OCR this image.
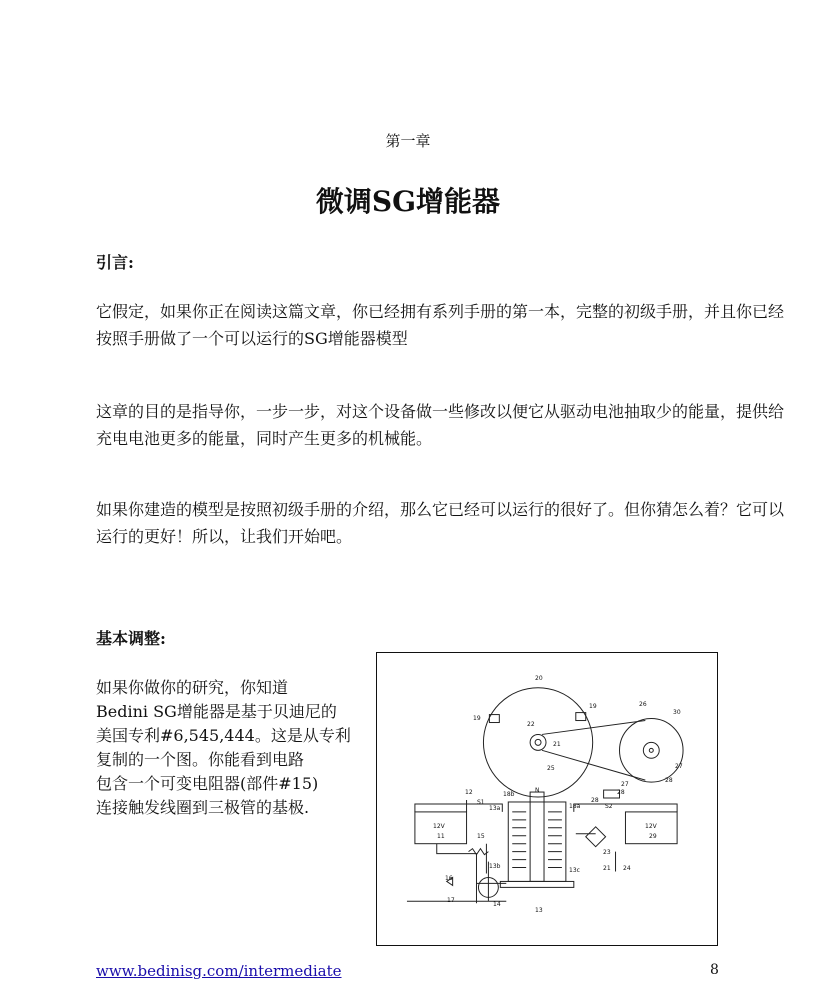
第一章
微调SG增能器
引言:
它假定，如果你正在阅读这篇文章，你已经拥有系列手册的第一本，完整的初级手册，并且你已经按照手册做了一个可以运行的SG增能器模型
这章的目的是指导你，一步一步，对这个设备做一些修改以便它从驱动电池抽取少的能量，提供给充电电池更多的能量，同时产生更多的机械能。
如果你建造的模型是按照初级手册的介绍，那么它已经可以运行的很好了。但你猜怎么着？它可以运行的更好！所以，让我们开始吧。
基本调整:
如果你做你的研究，你知道
Bedini SG增能器是基于贝迪尼的
美国专利#6,545,444。这是从专利
复制的一个图。你能看到电路
包含一个可变电阻器(部件#15)
连接触发线圈到三极管的基极.
20
19
19
22
21
25
26
30
27
28
27
12
S1
12V
11
12V
29
N
18b
13a
13b
18a
13c
15
16
17
14
23
24
21
S2
28
13
28
www.bedinisg.com/intermediate	8
